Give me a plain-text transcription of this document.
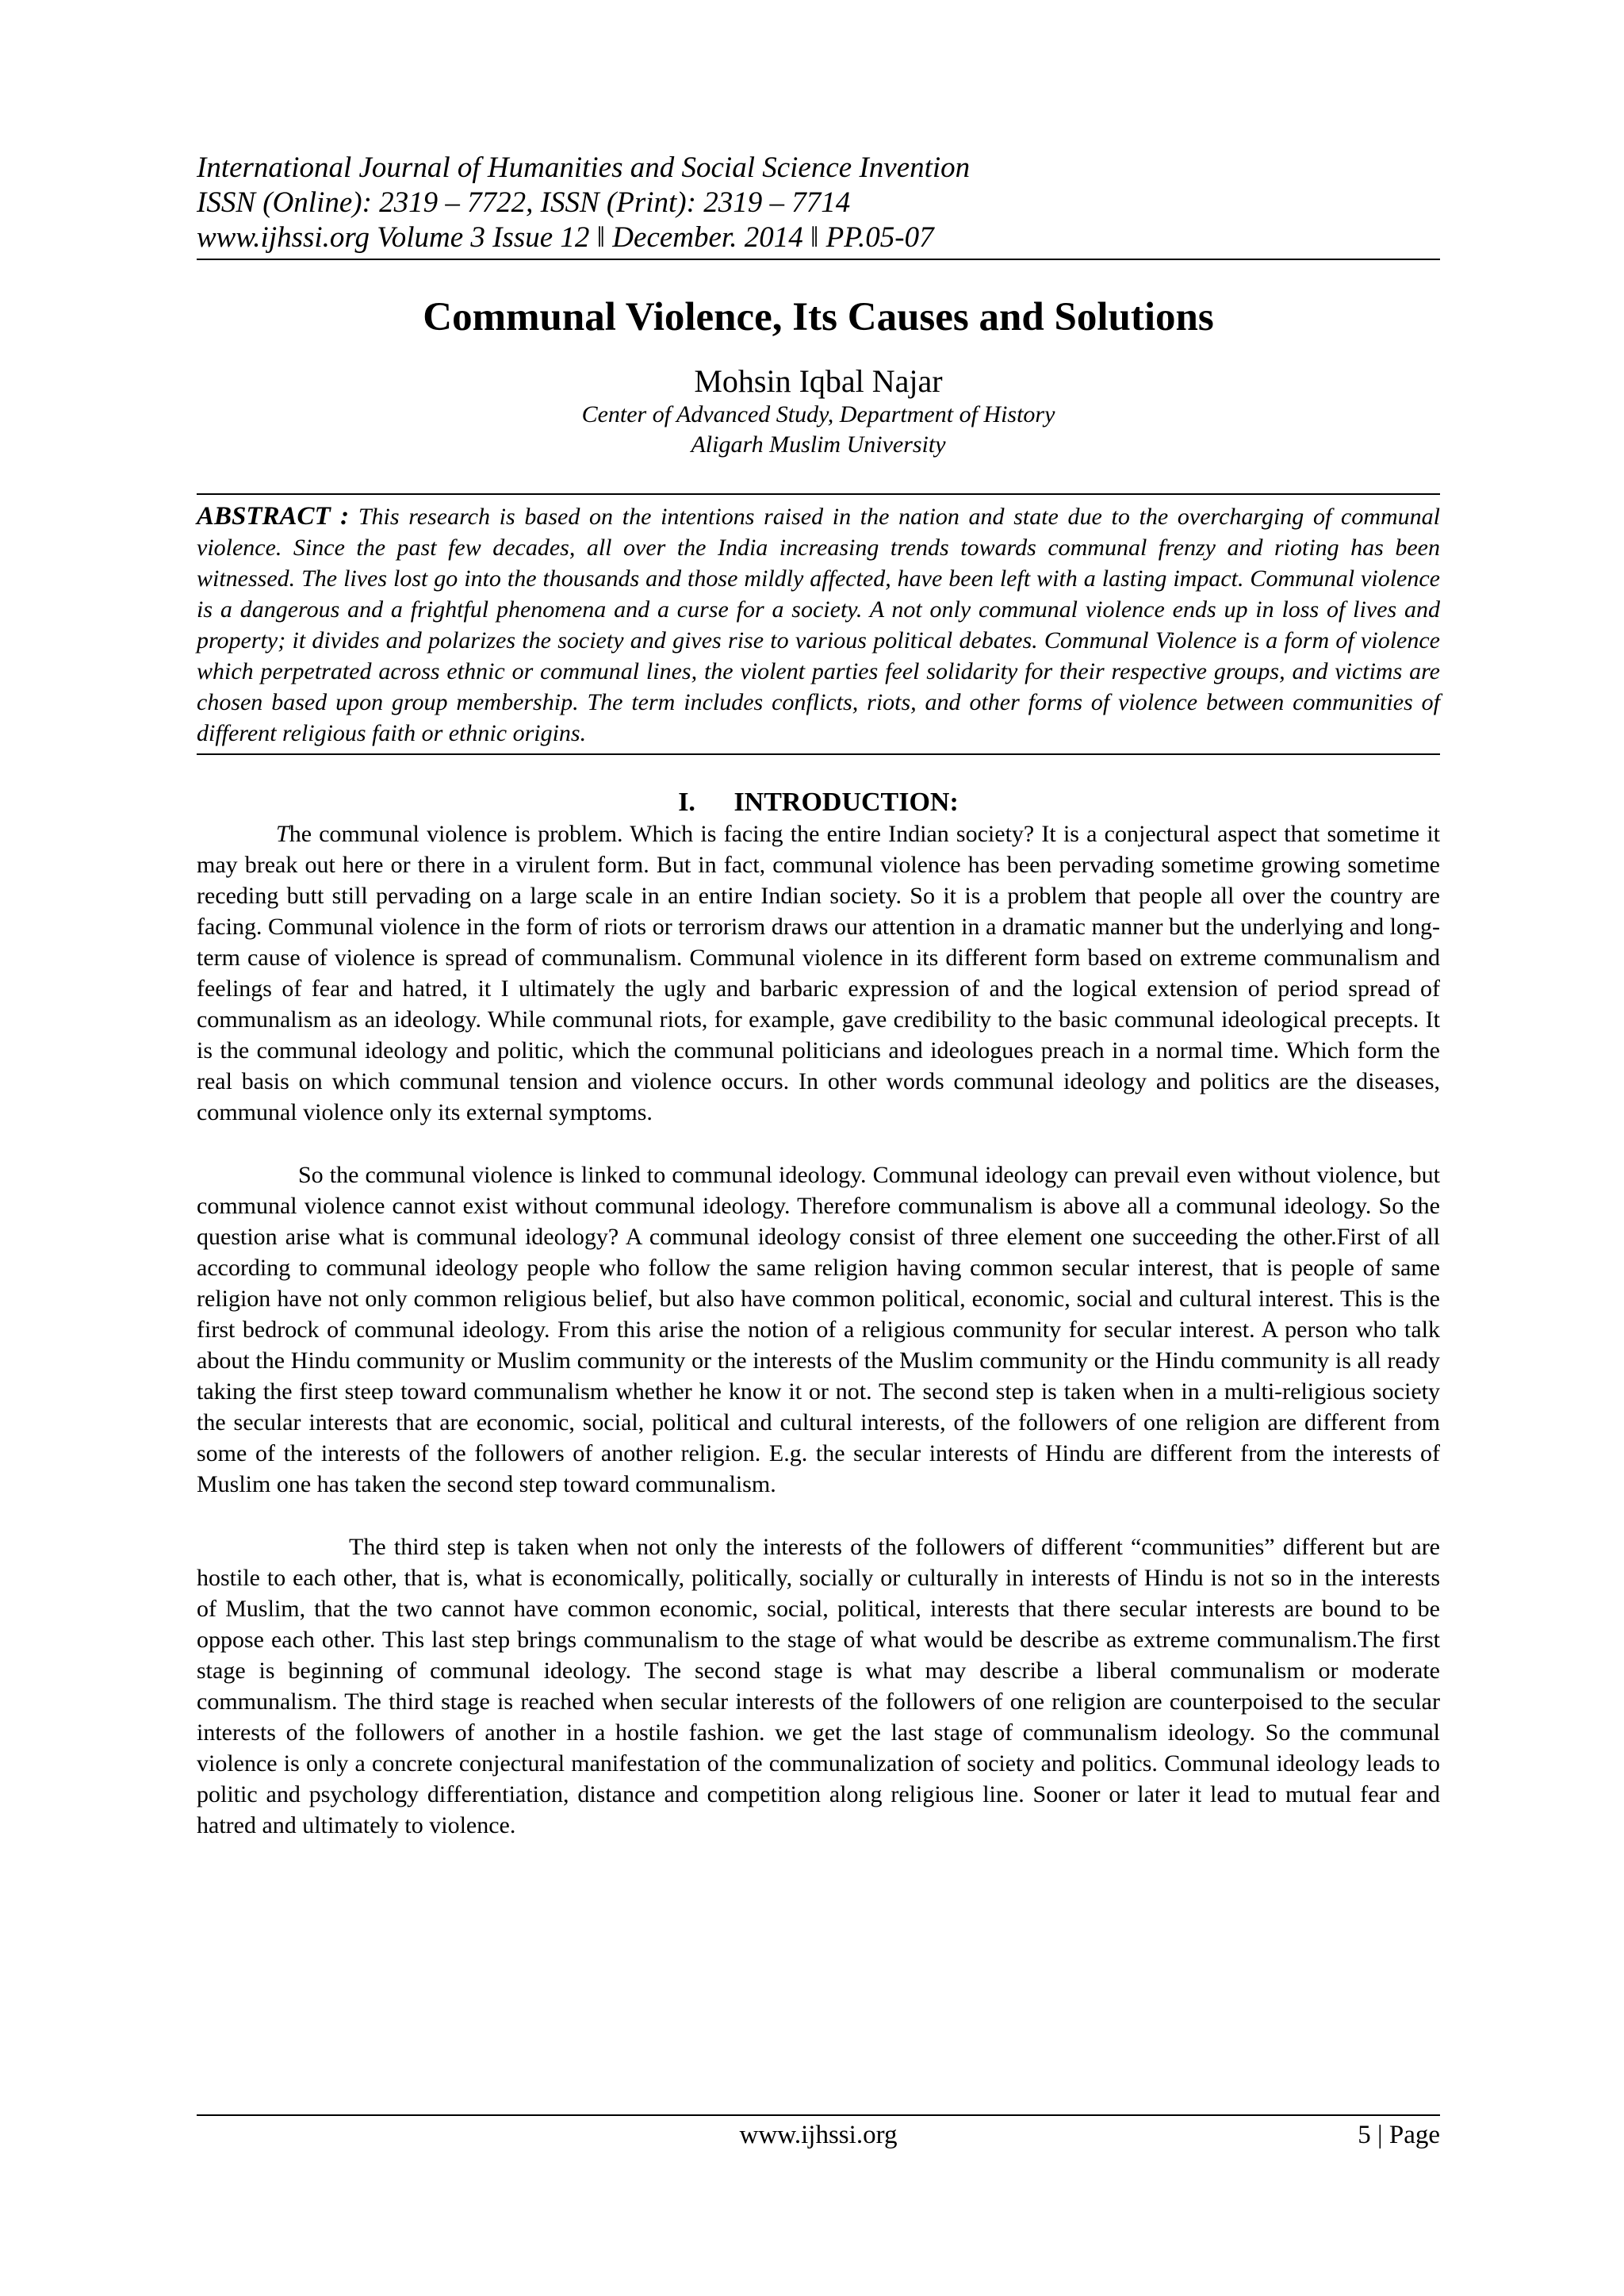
International Journal of Humanities and Social Science Invention
ISSN (Online): 2319 – 7722, ISSN (Print): 2319 – 7714
www.ijhssi.org Volume 3 Issue 12 ǁ December. 2014 ǁ PP.05-07
Communal Violence, Its Causes and Solutions
Mohsin Iqbal Najar
Center of Advanced Study, Department of History
Aligarh Muslim University
ABSTRACT : This research is based on the intentions raised in the nation and state due to the overcharging of communal violence. Since the past few decades, all over the India increasing trends towards communal frenzy and rioting has been witnessed. The lives lost go into the thousands and those mildly affected, have been left with a lasting impact. Communal violence is a dangerous and a frightful phenomena and a curse for a society. A not only communal violence ends up in loss of lives and property; it divides and polarizes the society and gives rise to various political debates. Communal Violence is a form of violence which perpetrated across ethnic or communal lines, the violent parties feel solidarity for their respective groups, and victims are chosen based upon group membership. The term includes conflicts, riots, and other forms of violence between communities of different religious faith or ethnic origins.
I. INTRODUCTION:

The communal violence is problem. Which is facing the entire Indian society? It is a conjectural aspect that sometime it may break out here or there in a virulent form. But in fact, communal violence has been pervading sometime growing sometime receding butt still pervading on a large scale in an entire Indian society. So it is a problem that people all over the country are facing. Communal violence in the form of riots or terrorism draws our attention in a dramatic manner but the underlying and long-term cause of violence is spread of communalism. Communal violence in its different form based on extreme communalism and feelings of fear and hatred, it I ultimately the ugly and barbaric expression of and the logical extension of period spread of communalism as an ideology. While communal riots, for example, gave credibility to the basic communal ideological precepts. It is the communal ideology and politic, which the communal politicians and ideologues preach in a normal time. Which form the real basis on which communal tension and violence occurs. In other words communal ideology and politics are the diseases, communal violence only its external symptoms.

So the communal violence is linked to communal ideology. Communal ideology can prevail even without violence, but communal violence cannot exist without communal ideology. Therefore communalism is above all a communal ideology. So the question arise what is communal ideology? A communal ideology consist of three element one succeeding the other.First of all according to communal ideology people who follow the same religion having common secular interest, that is people of same religion have not only common religious belief, but also have common political, economic, social and cultural interest. This is the first bedrock of communal ideology. From this arise the notion of a religious community for secular interest. A person who talk about the Hindu community or Muslim community or the interests of the Muslim community or the Hindu community is all ready taking the first steep toward communalism whether he know it or not. The second step is taken when in a multi-religious society the secular interests that are economic, social, political and cultural interests, of the followers of one religion are different from some of the interests of the followers of another religion. E.g. the secular interests of Hindu are different from the interests of Muslim one has taken the second step toward communalism.

The third step is taken when not only the interests of the followers of different “communities” different but are hostile to each other, that is, what is economically, politically, socially or culturally in interests of Hindu is not so in the interests of Muslim, that the two cannot have common economic, social, political, interests that there secular interests are bound to be oppose each other. This last step brings communalism to the stage of what would be describe as extreme communalism.The first stage is beginning of communal ideology. The second stage is what may describe a liberal communalism or moderate communalism. The third stage is reached when secular interests of the followers of one religion are counterpoised to the secular interests of the followers of another in a hostile fashion. we get the last stage of communalism ideology. So the communal violence is only a concrete conjectural manifestation of the communalization of society and politics. Communal ideology leads to politic and psychology differentiation, distance and competition along religious line. Sooner or later it lead to mutual fear and hatred and ultimately to violence.

www.ijhssi.org	5 | Page
